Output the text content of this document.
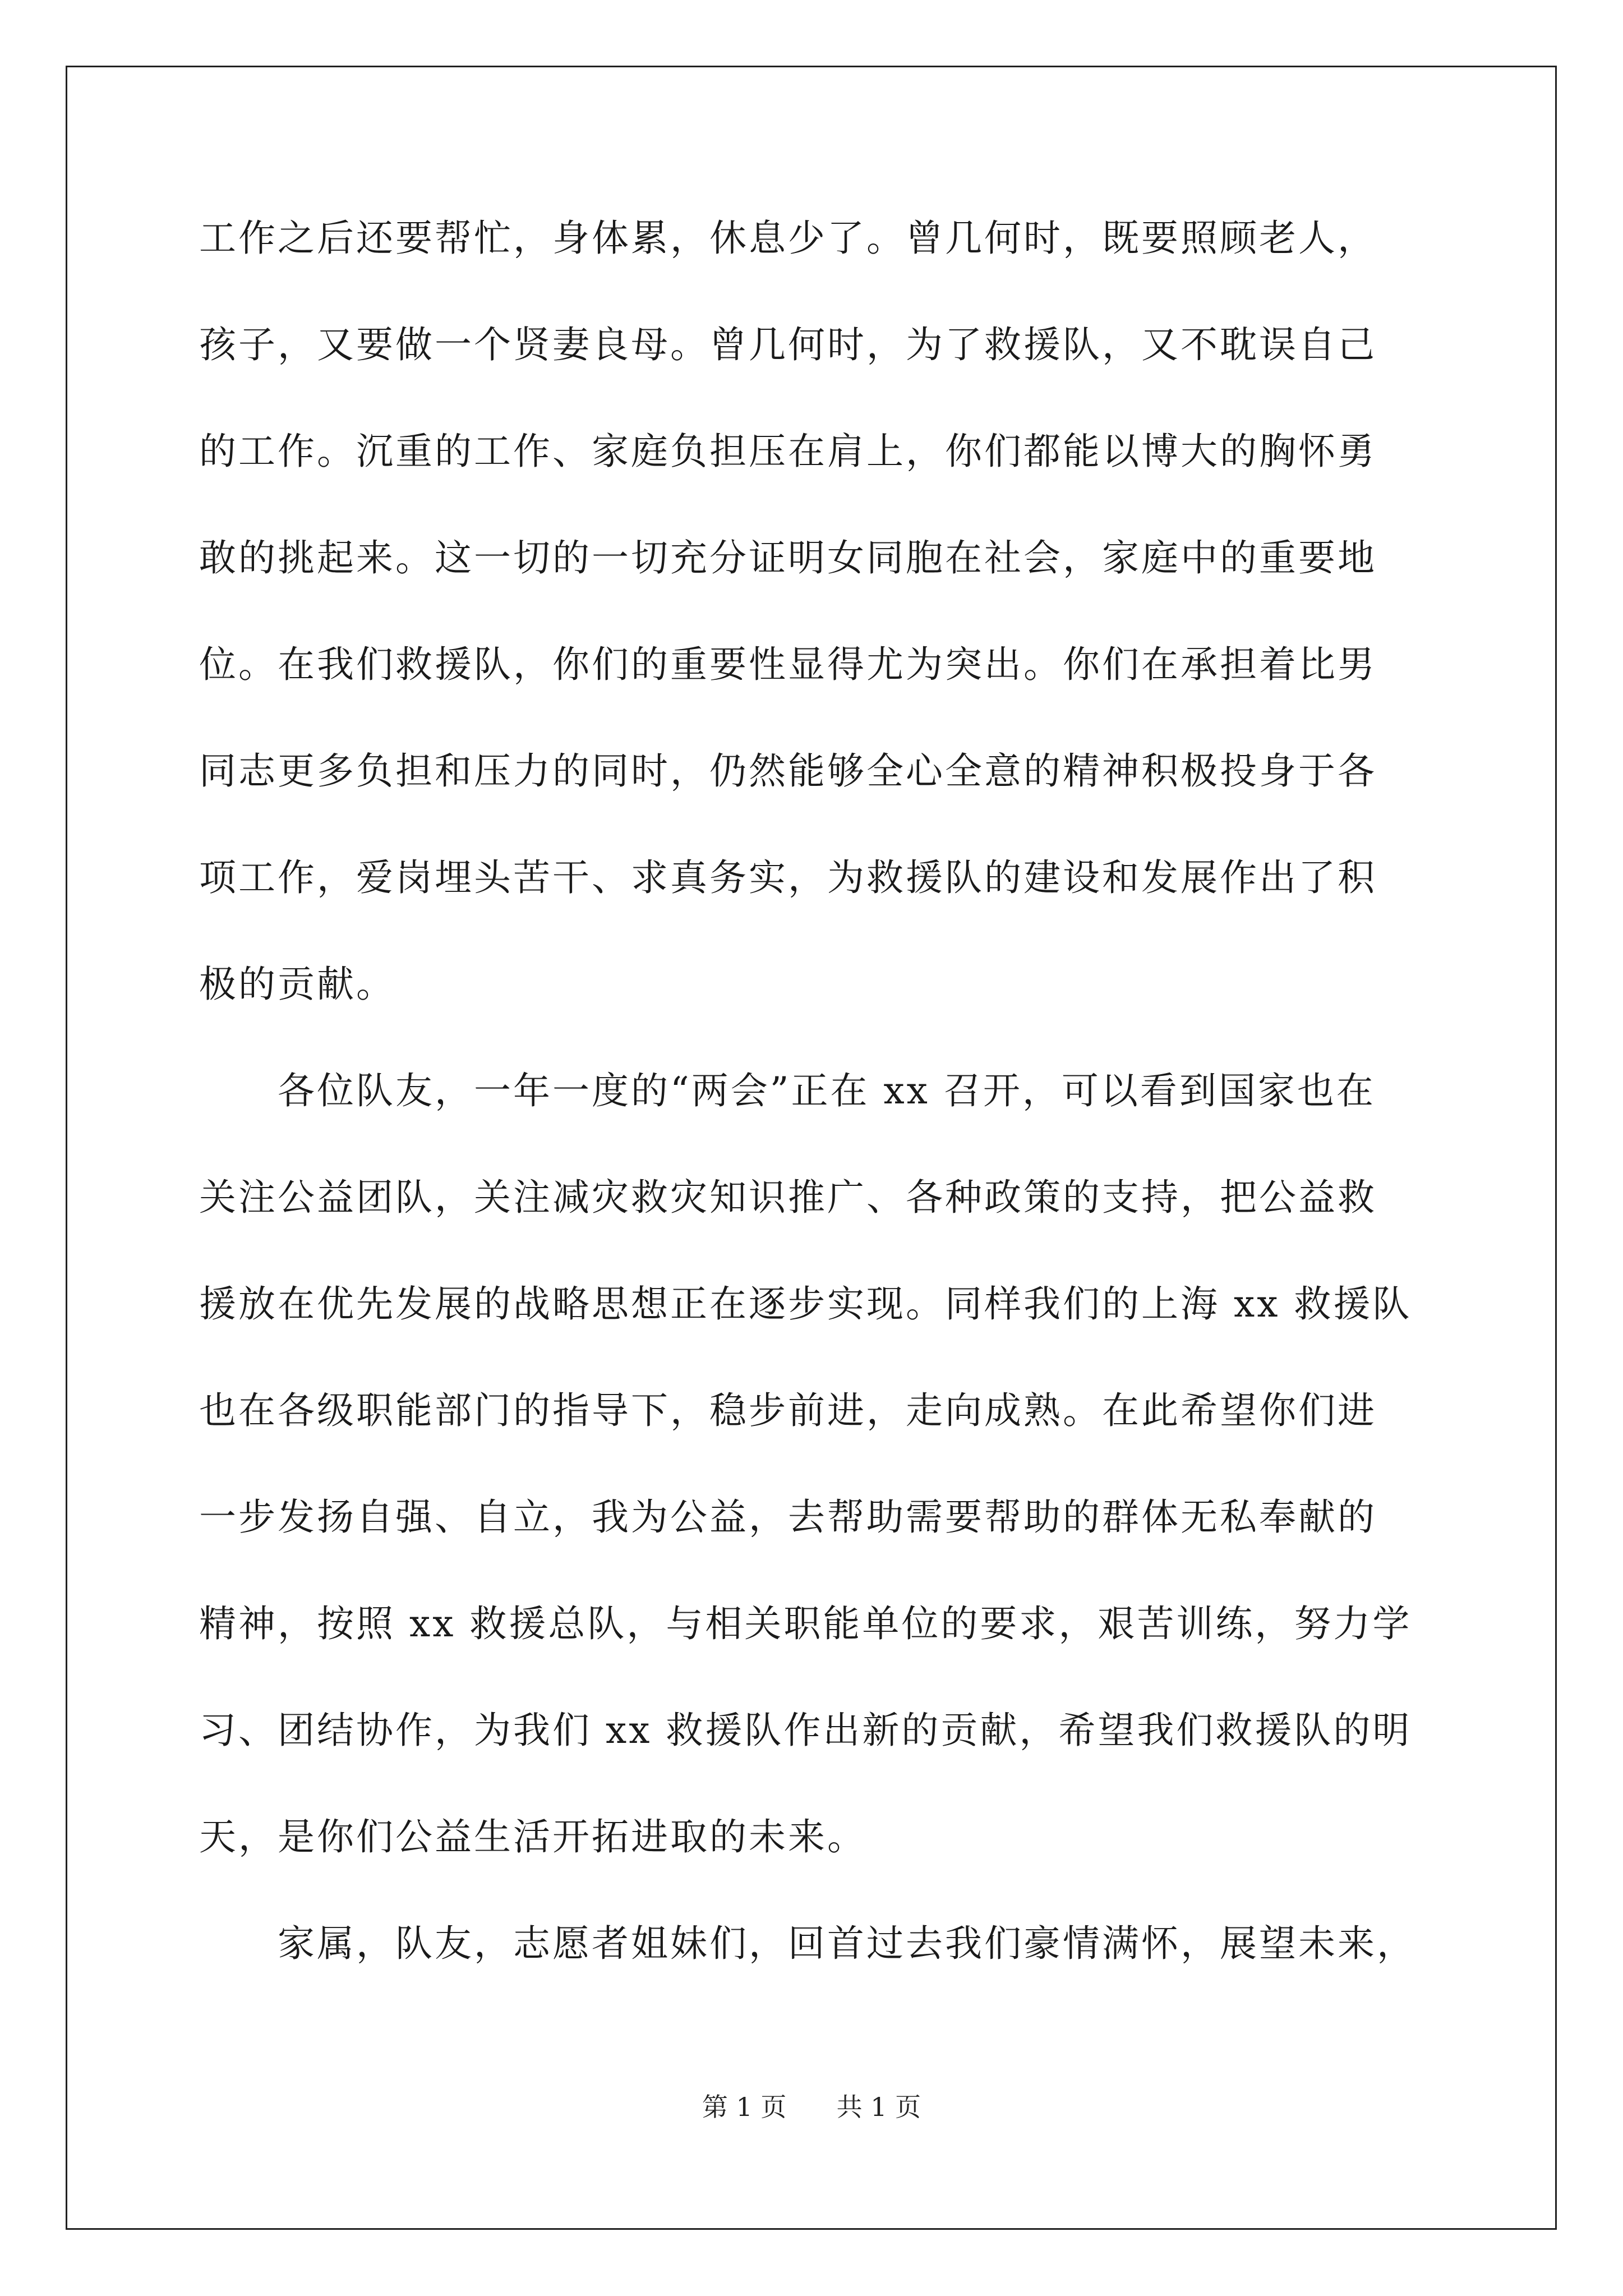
工作之后还要帮忙，身体累，休息少了。曾几何时，既要照顾老人，
孩子，又要做一个贤妻良母。曾几何时，为了救援队，又不耽误自己
的工作。沉重的工作、家庭负担压在肩上，你们都能以博大的胸怀勇
敢的挑起来。这一切的一切充分证明女同胞在社会，家庭中的重要地
位。在我们救援队，你们的重要性显得尤为突出。你们在承担着比男
同志更多负担和压力的同时，仍然能够全心全意的精神积极投身于各
项工作，爱岗埋头苦干、求真务实，为救援队的建设和发展作出了积
极的贡献。
各位队友，一年一度的“两会”正在 xx 召开，可以看到国家也在
关注公益团队，关注减灾救灾知识推广、各种政策的支持，把公益救
援放在优先发展的战略思想正在逐步实现。同样我们的上海 xx 救援队
也在各级职能部门的指导下，稳步前进，走向成熟。在此希望你们进
一步发扬自强、自立，我为公益，去帮助需要帮助的群体无私奉献的
精神，按照 xx 救援总队，与相关职能单位的要求，艰苦训练，努力学
习、团结协作，为我们 xx 救援队作出新的贡献，希望我们救援队的明
天，是你们公益生活开拓进取的未来。
家属，队友，志愿者姐妹们，回首过去我们豪情满怀，展望未来，
第 1 页 共 1 页
